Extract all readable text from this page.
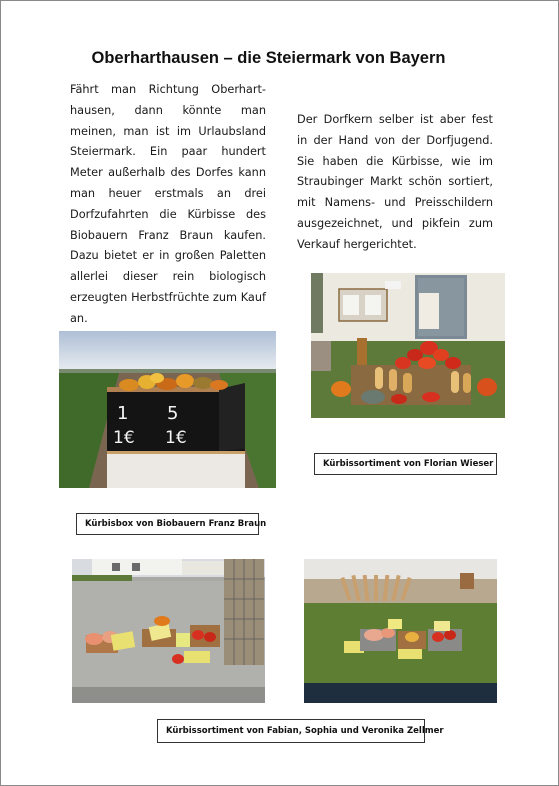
Oberharthausen – die Steiermark von Bayern
Fährt man Richtung Oberharthausen, dann könnte man meinen, man ist im Urlaubsland Steiermark. Ein paar hundert Meter außerhalb des Dorfes kann man heuer erstmals an drei Dorfzufahrten die Kürbisse des Biobauern Franz Braun kaufen. Dazu bietet er in großen Paletten allerlei dieser rein biologisch erzeugten Herbstfrüchte zum Kauf an.
Der Dorfkern selber ist aber fest in der Hand von der Dorfjugend. Sie haben die Kürbisse, wie im Straubinger Markt schön sortiert, mit Namens- und Preisschildern ausgezeichnet, und pikfein zum Verkauf hergerichtet.
1 5
1€ 1€
Kürbissortiment von Florian Wieser
Kürbisbox von Biobauern Franz Braun
Kürbissortiment von Fabian, Sophia und Veronika Zellmer
